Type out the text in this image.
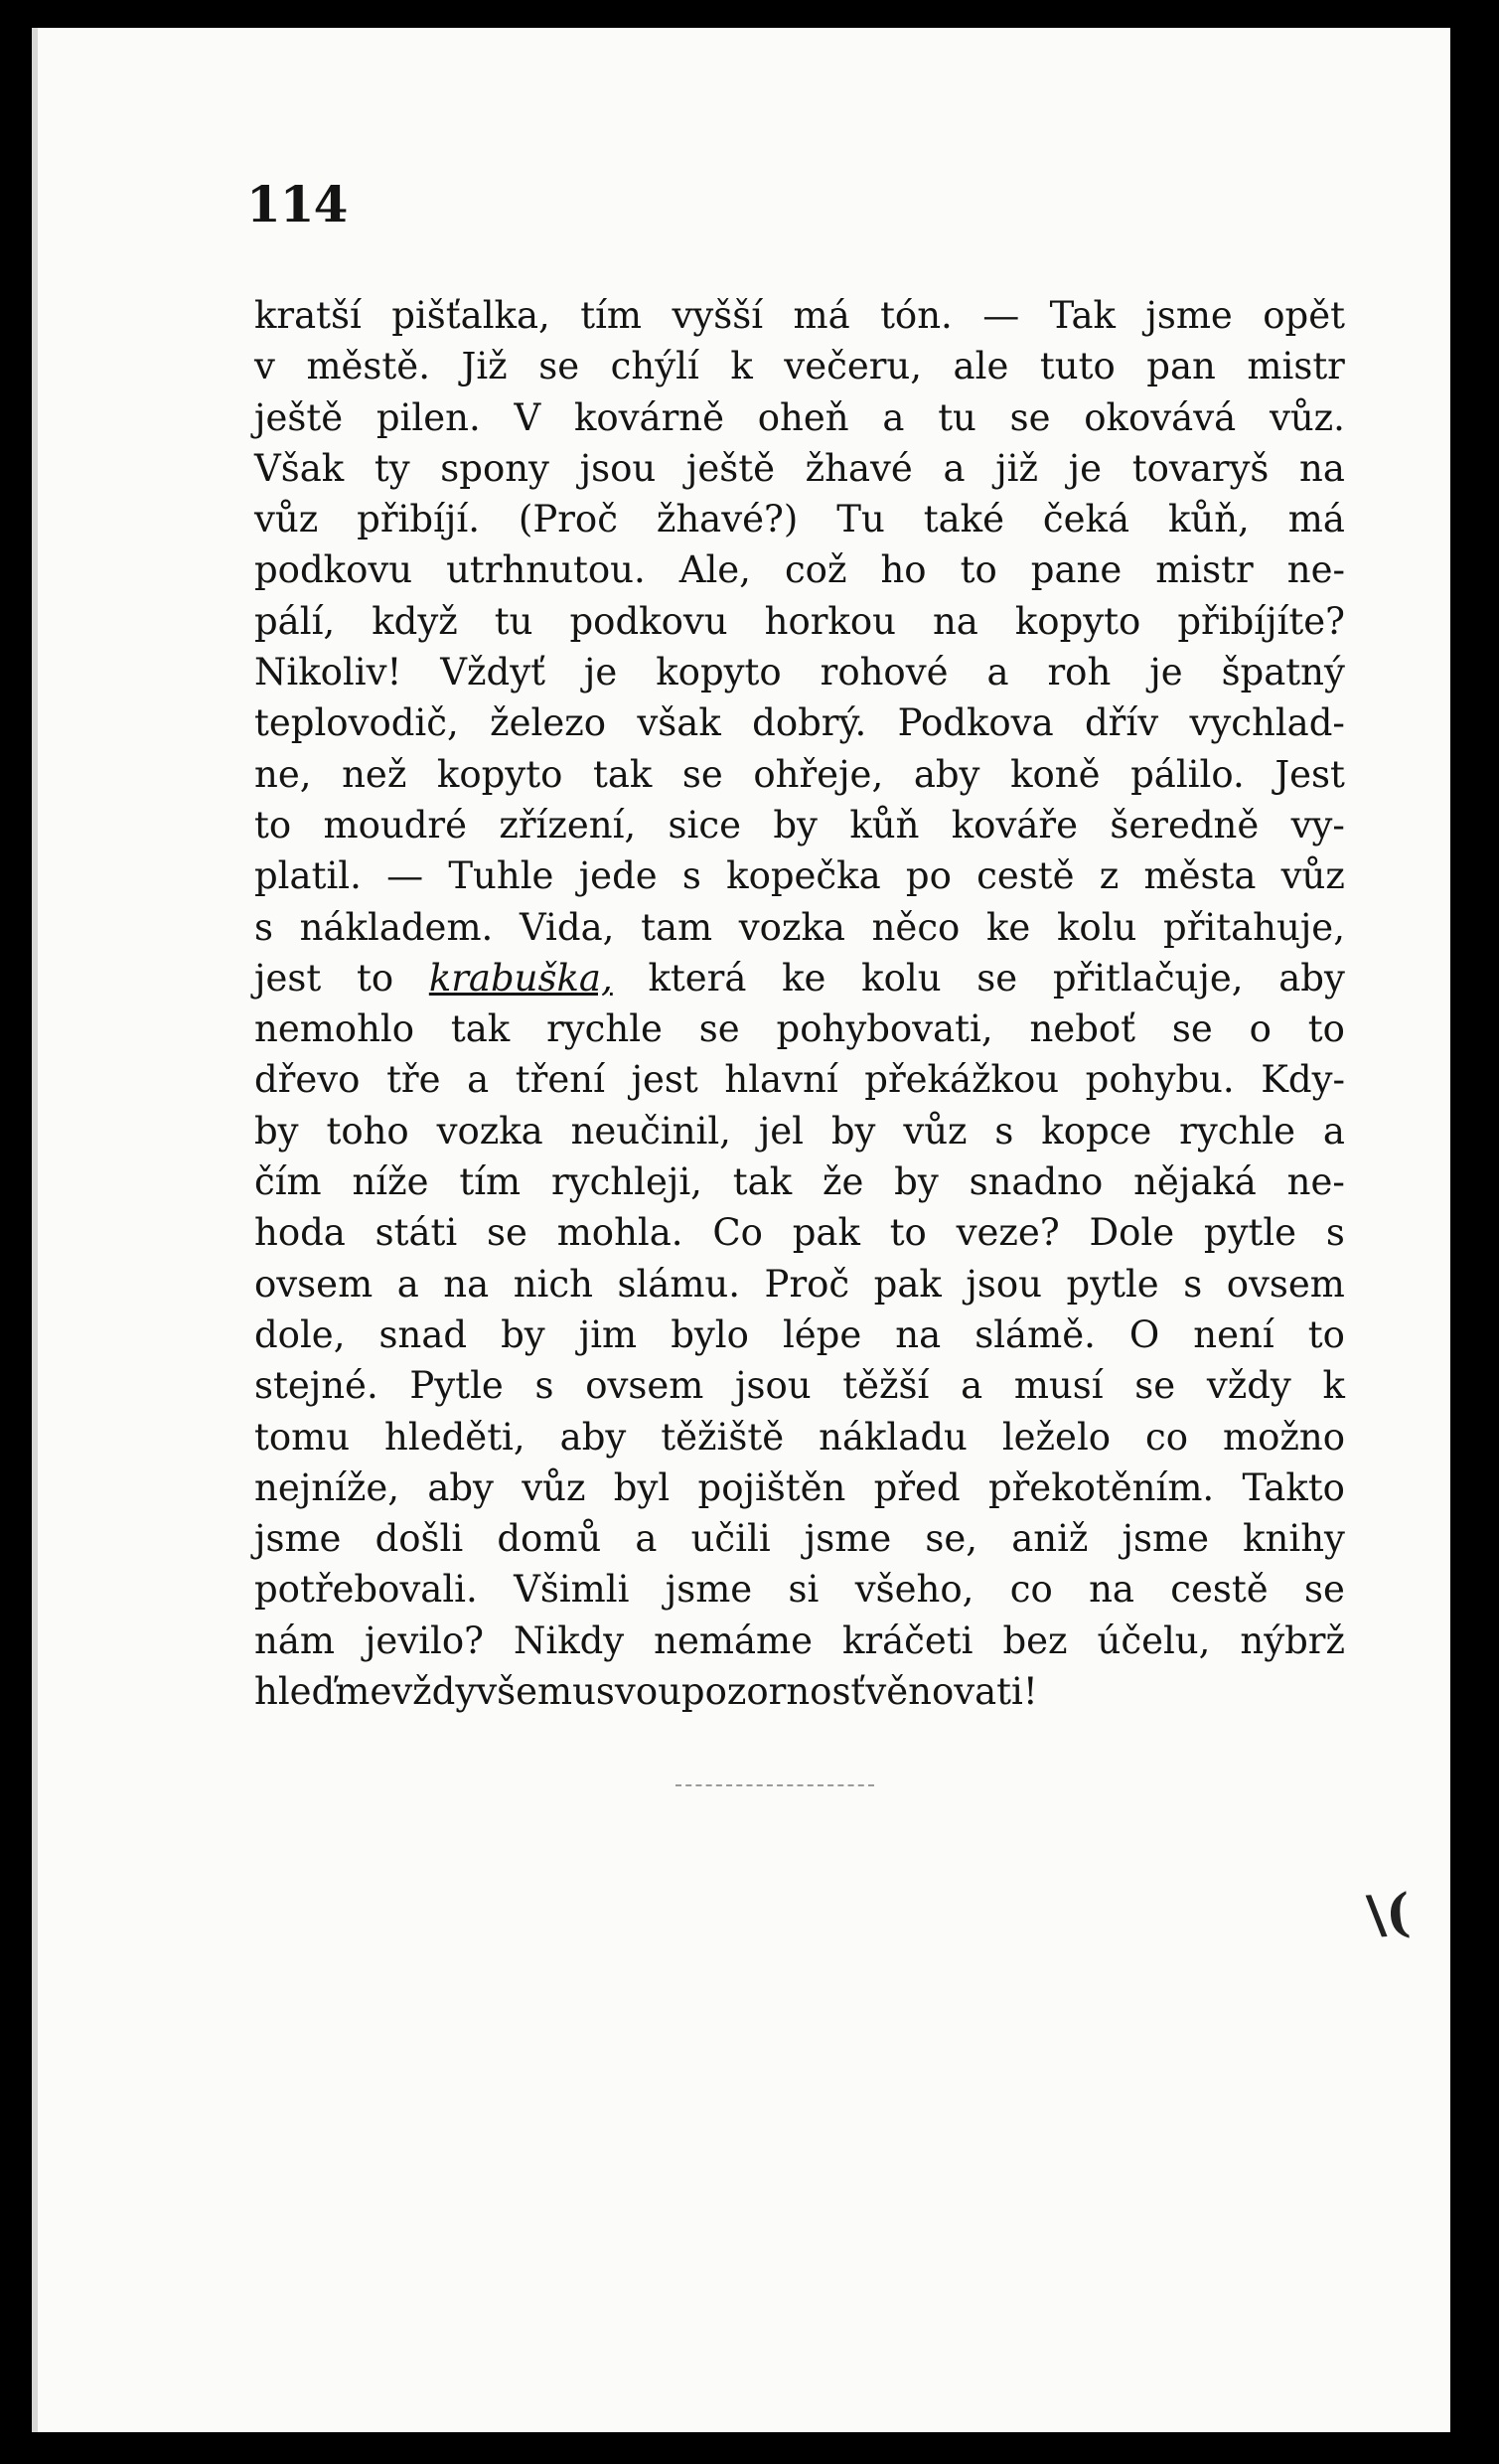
114
kratší pišťalka, tím vyšší má tón. — Tak jsme opět
v městě. Již se chýlí k večeru, ale tuto pan mistr
ještě pilen. V kovárně oheň a tu se okovává vůz.
Však ty spony jsou ještě žhavé a již je tovaryš na
vůz přibíjí. (Proč žhavé?) Tu také čeká kůň, má
podkovu utrhnutou. Ale, což ho to pane mistr ne-
pálí, když tu podkovu horkou na kopyto přibíjíte?
Nikoliv! Vždyť je kopyto rohové a roh je špatný
teplovodič, železo však dobrý. Podkova dřív vychlad-
ne, než kopyto tak se ohřeje, aby koně pálilo. Jest
to moudré zřízení, sice by kůň kováře šeredně vy-
platil. — Tuhle jede s kopečka po cestě z města vůz
s nákladem. Vida, tam vozka něco ke kolu přitahuje,
jest to krabuška, která ke kolu se přitlačuje, aby
nemohlo tak rychle se pohybovati, neboť se o to
dřevo tře a tření jest hlavní překážkou pohybu. Kdy-
by toho vozka neučinil, jel by vůz s kopce rychle a
čím níže tím rychleji, tak že by snadno nějaká ne-
hoda státi se mohla. Co pak to veze? Dole pytle s
ovsem a na nich slámu. Proč pak jsou pytle s ovsem
dole, snad by jim bylo lépe na slámě. O není to
stejné. Pytle s ovsem jsou těžší a musí se vždy k
tomu hleděti, aby těžiště nákladu leželo co možno
nejníže, aby vůz byl pojištěn před překotěním. Takto
jsme došli domů a učili jsme se, aniž jsme knihy
potřebovali. Všimli jsme si všeho, co na cestě se
nám jevilo? Nikdy nemáme kráčeti bez účelu, nýbrž
hleďme vždy všemu svou pozornosť věnovati!
\(
